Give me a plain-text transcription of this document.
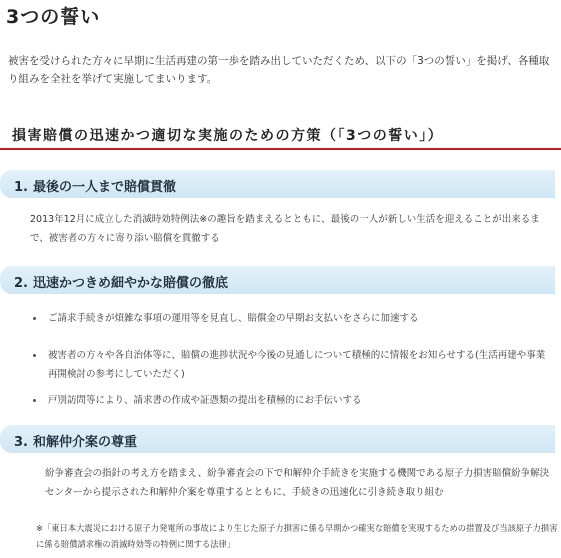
3つの誓い

被害を受けられた方々に早期に生活再建の第一歩を踏み出していただくため、以下の「3つの誓い」を掲げ、各種取り組みを全社を挙げて実施してまいります。

損害賠償の迅速かつ適切な実施のための方策（「3つの誓い」）
1. 最後の一人まで賠償貫徹

2013年12月に成立した消滅時効特例法※の趣旨を踏まえるとともに、最後の一人が新しい生活を迎えることが出来るまで、被害者の方々に寄り添い賠償を貫徹する

2. 迅速かつきめ細やかな賠償の徹底
ご請求手続きが煩雑な事項の運用等を見直し、賠償金の早期お支払いをさらに加速する
被害者の方々や各自治体等に、賠償の進捗状況や今後の見通しについて積極的に情報をお知らせする(生活再建や事業再開検討の参考にしていただく)
戸別訪問等により、請求書の作成や証憑類の提出を積極的にお手伝いする
3. 和解仲介案の尊重

紛争審査会の指針の考え方を踏まえ、紛争審査会の下で和解仲介手続きを実施する機関である原子力損害賠償紛争解決センターから提示された和解仲介案を尊重するとともに、手続きの迅速化に引き続き取り組む

※「東日本大震災における原子力発電所の事故により生じた原子力損害に係る早期かつ確実な賠償を実現するための措置及び当該原子力損害に係る賠償請求権の消滅時効等の特例に関する法律」
